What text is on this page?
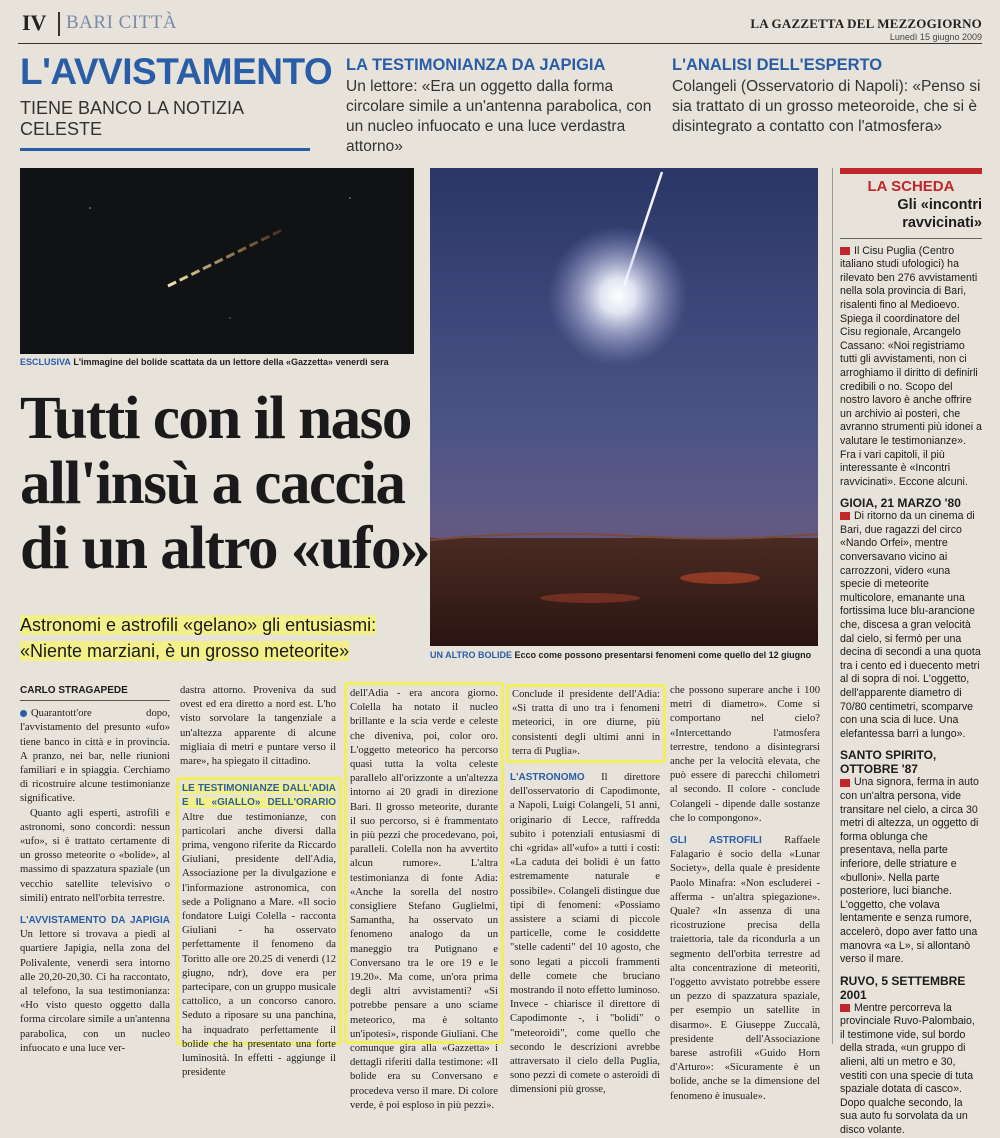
IV BARI CITTÀ	LA GAZZETTA DEL MEZZOGIORNO
Lunedì 15 giugno 2009
L'AVVISTAMENTO
TIENE BANCO LA NOTIZIA CELESTE
LA TESTIMONIANZA DA JAPIGIA
Un lettore: «Era un oggetto dalla forma circolare simile a un'antenna parabolica, con un nucleo infuocato e una luce verdastra attorno»
L'ANALISI DELL'ESPERTO
Colangeli (Osservatorio di Napoli): «Penso si sia trattato di un grosso meteoroide, che si è disintegrato a contatto con l'atmosfera»
ESCLUSIVA L'immagine del bolide scattata da un lettore della «Gazzetta» venerdì sera
UN ALTRO BOLIDE Ecco come possono presentarsi fenomeni come quello del 12 giugno
Tutti con il naso
all'insù a caccia
di un altro «ufo»
Astronomi e astrofili «gelano» gli entusiasmi:
«Niente marziani, è un grosso meteorite»
CARLO STRAGAPEDE

Quarantott'ore dopo, l'avvistamento del presunto «ufo» tiene banco in città e in provincia. A pranzo, nei bar, nelle riunioni familiari e in spiaggia. Cerchiamo di ricostruire alcune testimonianze significative.

Quanto agli esperti, astrofili e astronomi, sono concordi: nessun «ufo», si è trattato certamente di un grosso meteorite o «bolide», al massimo di spazzatura spaziale (un vecchio satellite televisivo o simili) entrato nell'orbita terrestre.

L'AVVISTAMENTO DA JAPIGIA Un lettore si trovava a piedi al quartiere Japigia, nella zona del Polivalente, venerdì sera intorno alle 20,20-20,30. Ci ha raccontato, al telefono, la sua testimonianza: «Ho visto questo oggetto dalla forma circolare simile a un'antenna parabolica, con un nucleo infuocato e una luce ver-

dastra attorno. Proveniva da sud ovest ed era diretto a nord est. L'ho visto sorvolare la tangenziale a un'altezza apparente di alcune migliaia di metri e puntare verso il mare», ha spiegato il cittadino.

LE TESTIMONIANZE DALL'ADIA E IL «GIALLO» DELL'ORARIO Altre due testimonianze, con particolari anche diversi dalla prima, vengono riferite da Riccardo Giuliani, presidente dell'Adia, Associazione per la divulgazione e l'informazione astronomica, con sede a Polignano a Mare. «Il socio fondatore Luigi Colella - racconta Giuliani - ha osservato perfettamente il fenomeno da Toritto alle ore 20.25 di venerdì (12 giugno, ndr), dove era per partecipare, con un gruppo musicale cattolico, a un concorso canoro. Seduto a riposare su una panchina, ha inquadrato perfettamente il bolide che ha presentato una forte luminosità. In effetti - aggiunge il presidente

dell'Adia - era ancora giorno. Colella ha notato il nucleo brillante e la scia verde e celeste che diveniva, poi, color oro. L'oggetto meteorico ha percorso quasi tutta la volta celeste parallelo all'orizzonte a un'altezza intorno ai 20 gradi in direzione Bari. Il grosso meteorite, durante il suo percorso, si è frammentato in più pezzi che procedevano, poi, paralleli. Colella non ha avvertito alcun rumore». L'altra testimonianza di fonte Adia: «Anche la sorella del nostro consigliere Stefano Guglielmi, Samantha, ha osservato un fenomeno analogo da un maneggio tra Putignano e Conversano tra le ore 19 e le 19.20». Ma come, un'ora prima degli altri avvistamenti? «Si potrebbe pensare a uno sciame meteorico, ma è soltanto un'ipotesi», risponde Giuliani. Che comunque gira alla «Gazzetta» i dettagli riferiti dalla testimone: «Il bolide era su Conversano e procedeva verso il mare. Di colore verde, è poi esploso in più pezzi».

Conclude il presidente dell'Adia: «Si tratta di uno tra i fenomeni meteorici, in ore diurne, più consistenti degli ultimi anni in terra di Puglia».

L'ASTRONOMO Il direttore dell'osservatorio di Capodimonte, a Napoli, Luigi Colangeli, 51 anni, originario di Lecce, raffredda subito i potenziali entusiasmi di chi «grida» all'«ufo» a tutti i costi: «La caduta dei bolidi è un fatto estremamente naturale e possibile». Colangeli distingue due tipi di fenomeni: «Possiamo assistere a sciami di piccole particelle, come le cosiddette "stelle cadenti" del 10 agosto, che sono legati a piccoli frammenti delle comete che bruciano mostrando il noto effetto luminoso. Invece - chiarisce il direttore di Capodimonte -, i "bolidi" o "meteoroidi", come quello che secondo le descrizioni avrebbe attraversato il cielo della Puglia, sono pezzi di comete o asteroidi di dimensioni più grosse,

che possono superare anche i 100 metri di diametro». Come si comportano nel cielo? «Intercettando l'atmosfera terrestre, tendono a disintegrarsi anche per la velocità elevata, che può essere di parecchi chilometri al secondo. Il colore - conclude Colangeli - dipende dalle sostanze che lo compongono».

GLI ASTROFILI Raffaele Falagario è socio della «Lunar Society», della quale è presidente Paolo Minafra: «Non escluderei - afferma - un'altra spiegazione». Quale? «In assenza di una ricostruzione precisa della traiettoria, tale da ricondurla a un segmento dell'orbita terrestre ad alta concentrazione di meteoriti, l'oggetto avvistato potrebbe essere un pezzo di spazzatura spaziale, per esempio un satellite in disarmo». E Giuseppe Zuccalà, presidente dell'Associazione barese astrofili «Guido Horn d'Arturo»: «Sicuramente è un bolide, anche se la dimensione del fenomeno è inusuale».

LA SCHEDA
Gli «incontri
ravvicinati»

Il Cisu Puglia (Centro italiano studi ufologici) ha rilevato ben 276 avvistamenti nella sola provincia di Bari, risalenti fino al Medioevo. Spiega il coordinatore del Cisu regionale, Arcangelo Cassano: «Noi registriamo tutti gli avvistamenti, non ci arroghiamo il diritto di definirli credibili o no. Scopo del nostro lavoro è anche offrire un archivio ai posteri, che avranno strumenti più idonei a valutare le testimonianze». Fra i vari capitoli, il più interessante è «Incontri ravvicinati». Eccone alcuni.

GIOIA, 21 MARZO '80

Di ritorno da un cinema di Bari, due ragazzi del circo «Nando Orfei», mentre conversavano vicino ai carrozzoni, videro «una specie di meteorite multicolore, emanante una fortissima luce blu-arancione che, discesa a gran velocità dal cielo, si fermò per una decina di secondi a una quota tra i cento ed i duecento metri al di sopra di noi. L'oggetto, dell'apparente diametro di 70/80 centimetri, scomparve con una scia di luce. Una elefantessa barrì a lungo».

SANTO SPIRITO, OTTOBRE '87

Una signora, ferma in auto con un'altra persona, vide transitare nel cielo, a circa 30 metri di altezza, un oggetto di forma oblunga che presentava, nella parte inferiore, delle striature e «bulloni». Nella parte posteriore, luci bianche. L'oggetto, che volava lentamente e senza rumore, accelerò, dopo aver fatto una manovra «a L», si allontanò verso il mare.

RUVO, 5 SETTEMBRE 2001

Mentre percorreva la provinciale Ruvo-Palombaio, il testimone vide, sul bordo della strada, «un gruppo di alieni, alti un metro e 30, vestiti con una specie di tuta spaziale dotata di casco». Dopo qualche secondo, la sua auto fu sorvolata da un disco volante.
